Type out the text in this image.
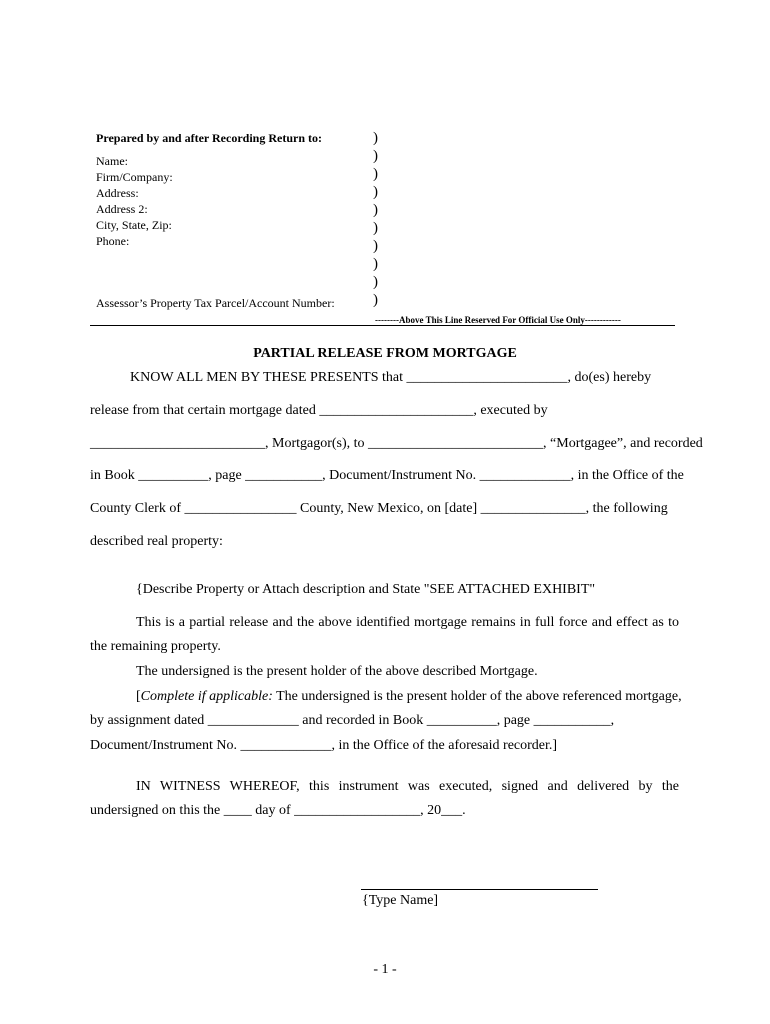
Prepared by and after Recording Return to:
Name:
Firm/Company:
Address:
Address 2:
City, State, Zip:
Phone:
Assessor’s Property Tax Parcel/Account Number:
)
)
)
)
)
)
)
)
)
)
--------Above This Line Reserved For Official Use Only------------
PARTIAL RELEASE FROM MORTGAGE
KNOW ALL MEN BY THESE PRESENTS that _______________________, do(es) hereby
release from that certain mortgage dated ______________________, executed by
_________________________, Mortgagor(s), to _________________________, “Mortgagee”, and recorded
in Book __________, page ___________, Document/Instrument No. _____________, in the Office of the
County Clerk of ________________ County, New Mexico, on [date] _______________, the following
described real property:
{Describe Property or Attach description and State "SEE ATTACHED EXHIBIT"
This is a partial release and the above identified mortgage remains in full force and effect as to
the remaining property.
The undersigned is the present holder of the above described Mortgage.
[Complete if applicable: The undersigned is the present holder of the above referenced mortgage,
by assignment dated _____________ and recorded in Book __________, page ___________,
Document/Instrument No. _____________, in the Office of the aforesaid recorder.]
IN WITNESS WHEREOF, this instrument was executed, signed and delivered by the
undersigned on this the ____ day of __________________, 20___.
{Type Name]
- 1 -
